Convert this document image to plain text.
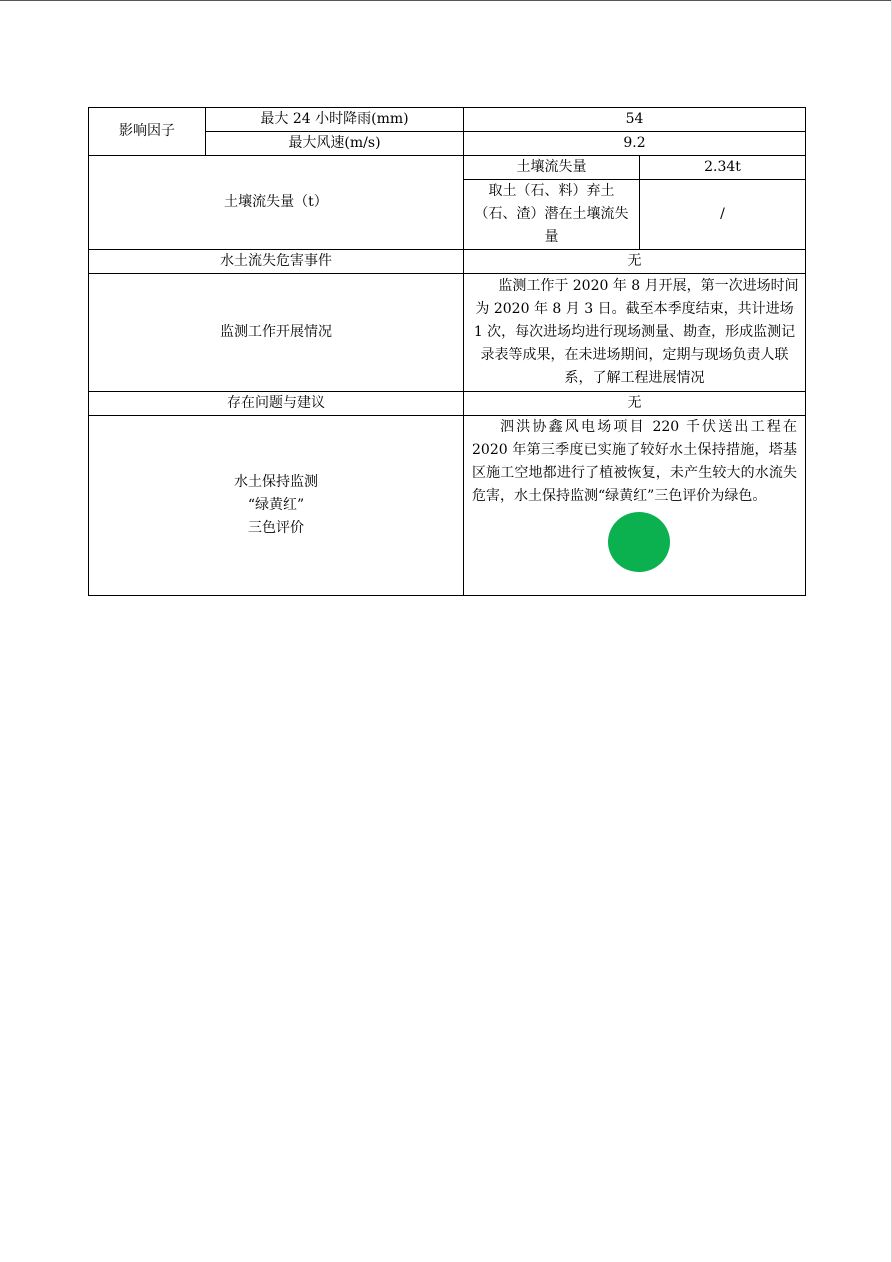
影响因子	最大 24 小时降雨(mm)	54	
	最大风速(m/s)	9.2	
土壤流失量（t）		土壤流失量	2.34t
		取土（石、料）弃土（石、渣）潜在土壤流失量	/
水土流失危害事件		无	
监测工作开展情况		监测工作于 2020 年 8 月开展，第一次进场时间为 2020 年 8 月 3 日。截至本季度结束，共计进场 1 次，每次进场均进行现场测量、勘查，形成监测记录表等成果，在未进场期间，定期与现场负责人联系，了解工程进展情况	
存在问题与建议		无	

水土保持监测
“绿黄红”
三色评价		泗洪协鑫风电场项目 220 千伏送出工程在 2020 年第三季度已实施了较好水土保持措施，塔基区施工空地都进行了植被恢复，未产生较大的水流失危害，水土保持监测“绿黄红”三色评价为绿色。	
